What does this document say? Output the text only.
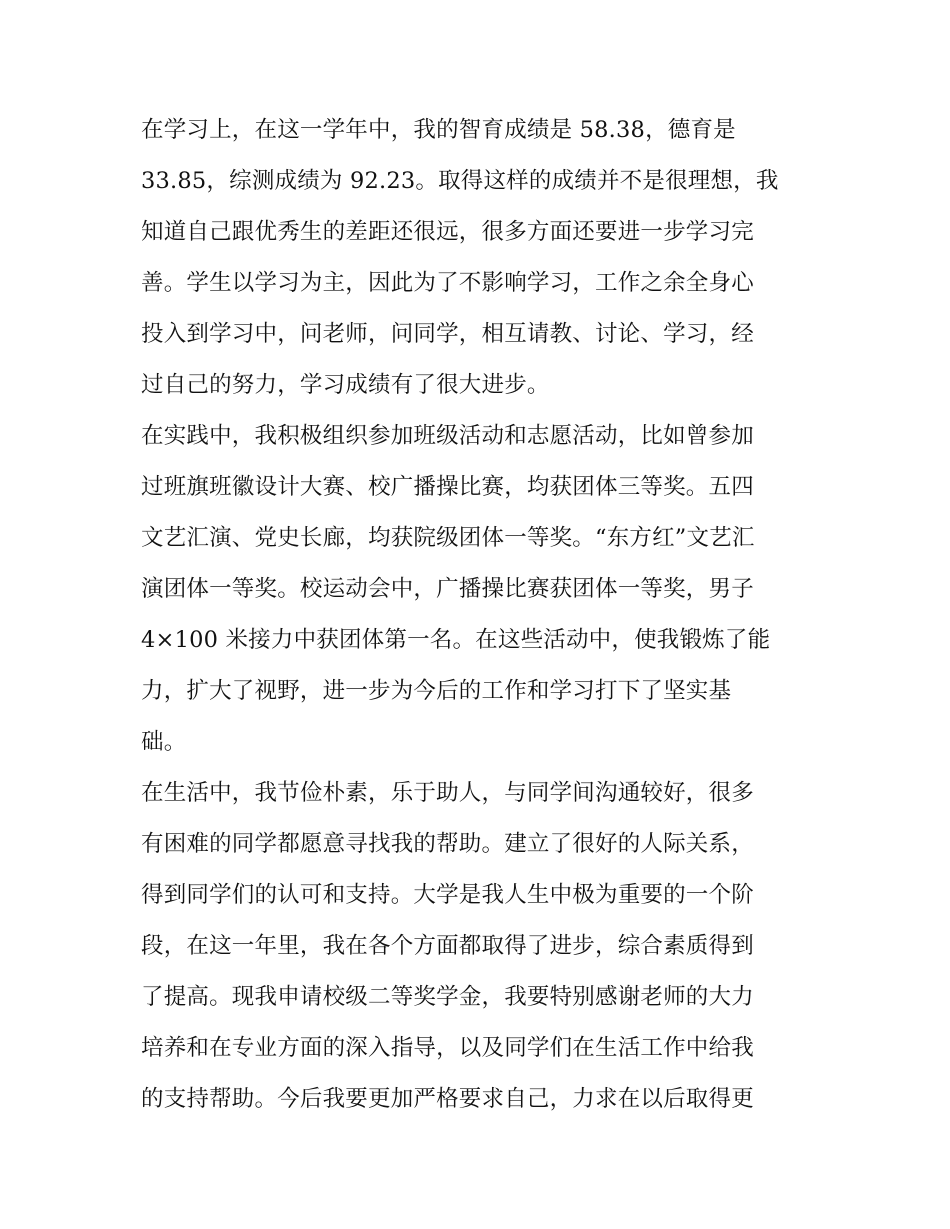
在学习上，在这一学年中，我的智育成绩是 58.38，德育是
33.85，综测成绩为 92.23。取得这样的成绩并不是很理想，我
知道自己跟优秀生的差距还很远，很多方面还要进一步学习完
善。学生以学习为主，因此为了不影响学习，工作之余全身心
投入到学习中，问老师，问同学，相互请教、讨论、学习，经
过自己的努力，学习成绩有了很大进步。
在实践中，我积极组织参加班级活动和志愿活动，比如曾参加
过班旗班徽设计大赛、校广播操比赛，均获团体三等奖。五四
文艺汇演、党史长廊，均获院级团体一等奖。“东方红”文艺汇
演团体一等奖。校运动会中，广播操比赛获团体一等奖，男子
4×100 米接力中获团体第一名。在这些活动中，使我锻炼了能
力，扩大了视野，进一步为今后的工作和学习打下了坚实基
础。
在生活中，我节俭朴素，乐于助人，与同学间沟通较好，很多
有困难的同学都愿意寻找我的帮助。建立了很好的人际关系，
得到同学们的认可和支持。大学是我人生中极为重要的一个阶
段，在这一年里，我在各个方面都取得了进步，综合素质得到
了提高。现我申请校级二等奖学金，我要特别感谢老师的大力
培养和在专业方面的深入指导，以及同学们在生活工作中给我
的支持帮助。今后我要更加严格要求自己，力求在以后取得更
